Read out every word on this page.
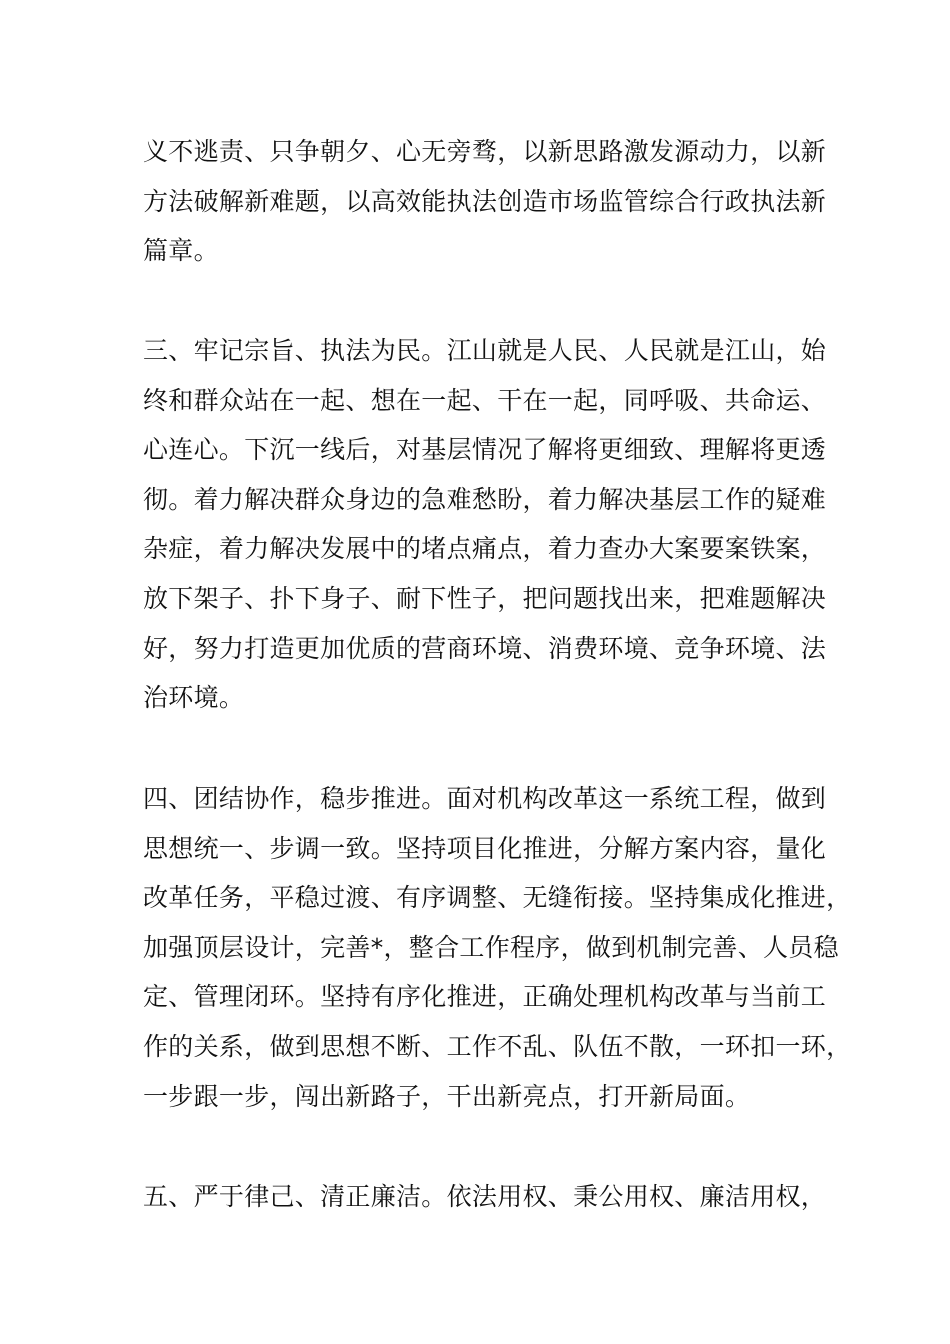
义不逃责、只争朝夕、心无旁骛，以新思路激发源动力，以新
方法破解新难题，以高效能执法创造市场监管综合行政执法新
篇章。
三、牢记宗旨、执法为民。江山就是人民、人民就是江山，始
终和群众站在一起、想在一起、干在一起，同呼吸、共命运、
心连心。下沉一线后，对基层情况了解将更细致、理解将更透
彻。着力解决群众身边的急难愁盼，着力解决基层工作的疑难
杂症，着力解决发展中的堵点痛点，着力查办大案要案铁案，
放下架子、扑下身子、耐下性子，把问题找出来，把难题解决
好，努力打造更加优质的营商环境、消费环境、竞争环境、法
治环境。
四、团结协作，稳步推进。面对机构改革这一系统工程，做到
思想统一、步调一致。坚持项目化推进，分解方案内容，量化
改革任务，平稳过渡、有序调整、无缝衔接。坚持集成化推进，
加强顶层设计，完善*，整合工作程序，做到机制完善、人员稳
定、管理闭环。坚持有序化推进，正确处理机构改革与当前工
作的关系，做到思想不断、工作不乱、队伍不散，一环扣一环，
一步跟一步，闯出新路子，干出新亮点，打开新局面。
五、严于律己、清正廉洁。依法用权、秉公用权、廉洁用权，
